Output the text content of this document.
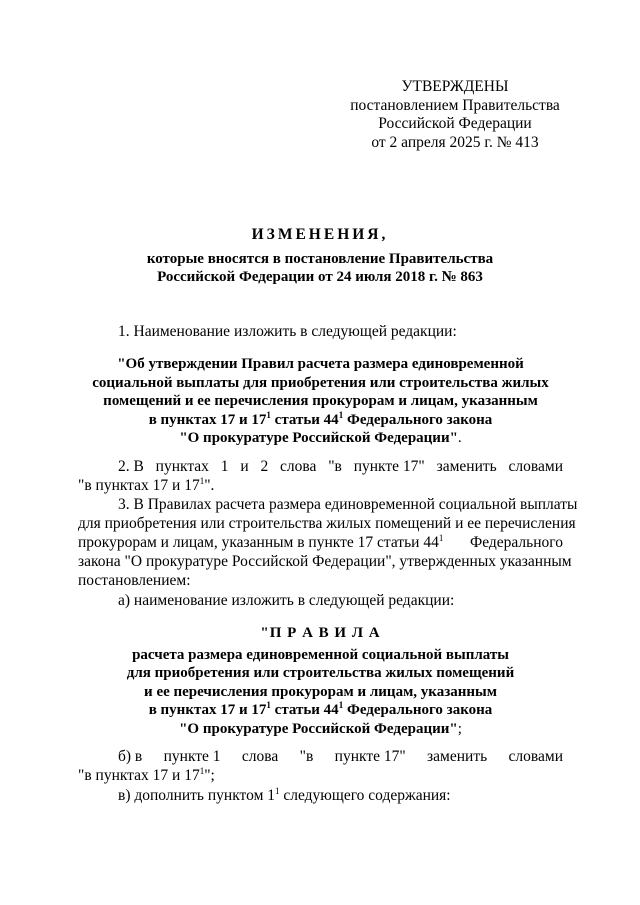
УТВЕРЖДЕНЫ
постановлением Правительства
Российской Федерации
от 2 апреля 2025 г. № 413
ИЗМЕНЕНИЯ,
которые вносятся в постановление Правительства
Российской Федерации от 24 июля 2018 г. № 863
1. Наименование изложить в следующей редакции:
"Об утверждении Правил расчета размера единовременной
социальной выплаты для приобретения или строительства жилых
помещений и ее перечисления прокурорам и лицам, указанным
в пунктах 17 и $17^1$ статьи $44^1$ Федерального закона
"О прокуратуре Российской Федерации".
2. В пунктах 1 и 2 слова "в пункте 17" заменить словами
"в пунктах 17 и $17^1$".
3. В Правилах расчета размера единовременной социальной выплаты
для приобретения или строительства жилых помещений и ее перечисления
прокурорам и лицам, указанным в пункте 17 статьи $44^1$ Федерального
закона "О прокуратуре Российской Федерации", утвержденных указанным
постановлением:
а) наименование изложить в следующей редакции:
"П Р А В И Л А
расчета размера единовременной социальной выплаты
для приобретения или строительства жилых помещений
и ее перечисления прокурорам и лицам, указанным
в пунктах 17 и $17^1$ статьи $44^1$ Федерального закона
"О прокуратуре Российской Федерации";
б) в пункте 1 слова "в пункте 17" заменить словами
"в пунктах 17 и $17^1$";
в) дополнить пунктом $1^1$ следующего содержания:
